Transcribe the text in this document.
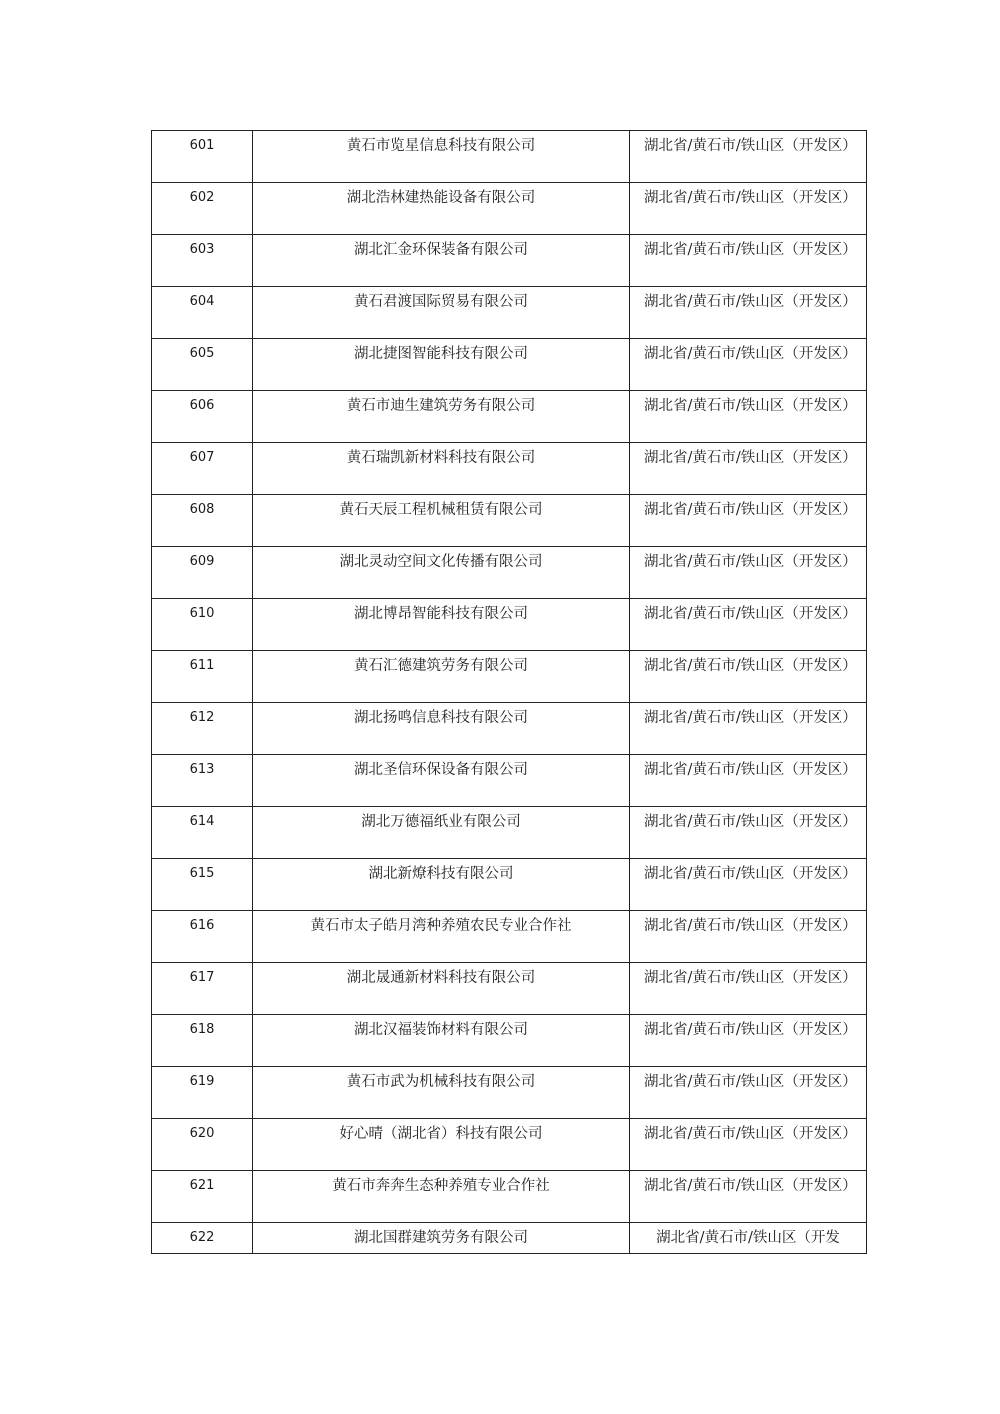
601	黄石市览星信息科技有限公司	湖北省/黄石市/铁山区（开发区）
602	湖北浩林建热能设备有限公司	湖北省/黄石市/铁山区（开发区）
603	湖北汇金环保装备有限公司	湖北省/黄石市/铁山区（开发区）
604	黄石君渡国际贸易有限公司	湖北省/黄石市/铁山区（开发区）
605	湖北捷图智能科技有限公司	湖北省/黄石市/铁山区（开发区）
606	黄石市迪生建筑劳务有限公司	湖北省/黄石市/铁山区（开发区）
607	黄石瑞凯新材料科技有限公司	湖北省/黄石市/铁山区（开发区）
608	黄石天辰工程机械租赁有限公司	湖北省/黄石市/铁山区（开发区）
609	湖北灵动空间文化传播有限公司	湖北省/黄石市/铁山区（开发区）
610	湖北博昂智能科技有限公司	湖北省/黄石市/铁山区（开发区）
611	黄石汇德建筑劳务有限公司	湖北省/黄石市/铁山区（开发区）
612	湖北扬鸣信息科技有限公司	湖北省/黄石市/铁山区（开发区）
613	湖北圣信环保设备有限公司	湖北省/黄石市/铁山区（开发区）
614	湖北万德福纸业有限公司	湖北省/黄石市/铁山区（开发区）
615	湖北新燎科技有限公司	湖北省/黄石市/铁山区（开发区）
616	黄石市太子皓月湾种养殖农民专业合作社	湖北省/黄石市/铁山区（开发区）
617	湖北晟通新材料科技有限公司	湖北省/黄石市/铁山区（开发区）
618	湖北汉福装饰材料有限公司	湖北省/黄石市/铁山区（开发区）
619	黄石市武为机械科技有限公司	湖北省/黄石市/铁山区（开发区）
620	好心晴（湖北省）科技有限公司	湖北省/黄石市/铁山区（开发区）
621	黄石市奔奔生态种养殖专业合作社	湖北省/黄石市/铁山区（开发区）

622	湖北国群建筑劳务有限公司	湖北省/黄石市/铁山区（开发
